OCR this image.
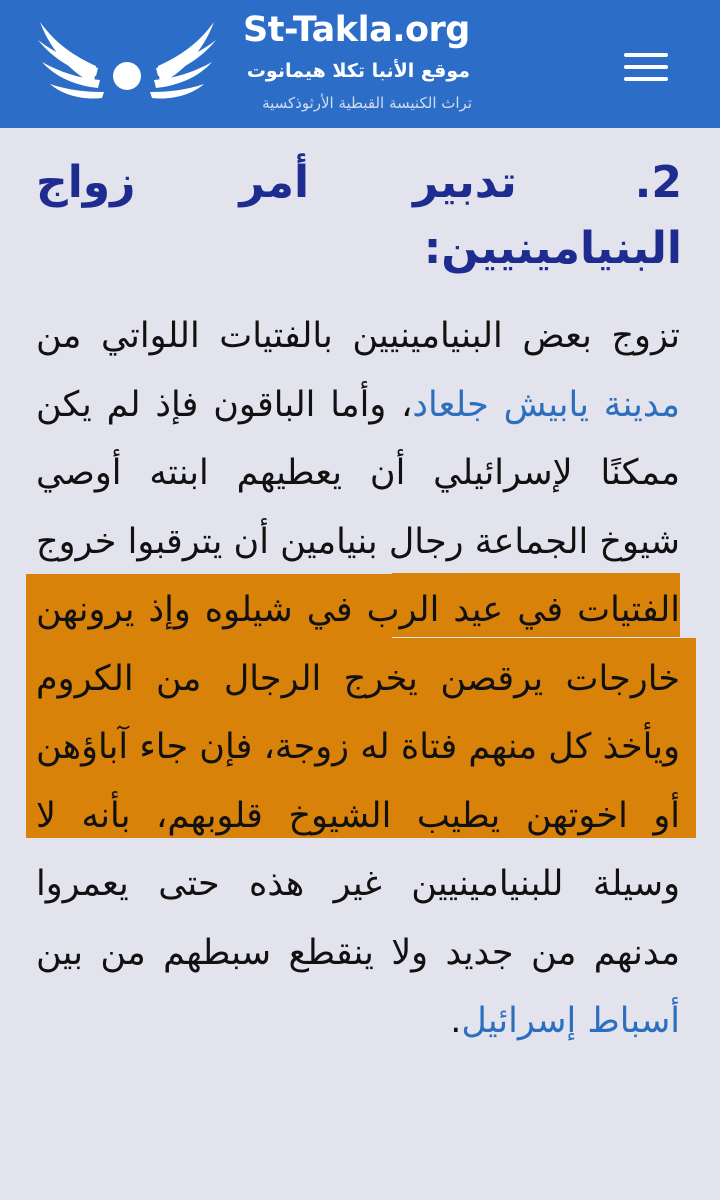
St-Takla.org
موقع الأنبا تكلا هيمانوت
تراث الكنيسة القبطية الأرثوذكسية
2. تدبير أمر زواج البنيامينيين:

تزوج بعض البنيامينيين بالفتيات اللواتي من مدينة يابيش جلعاد، وأما الباقون فإذ لم يكن ممكنًا لإسرائيلي أن يعطيهم ابنته أوصي شيوخ الجماعة رجال بنيامين أن يترقبوا خروج الفتيات في عيد الرب في شيلوه وإذ يرونهن خارجات يرقصن يخرج الرجال من الكروم ويأخذ كل منهم فتاة له زوجة، فإن جاء آباؤهن أو اخوتهن يطيب الشيوخ قلوبهم، بأنه لا وسيلة للبنيامينيين غير هذه حتى يعمروا مدنهم من جديد ولا ينقطع سبطهم من بين أسباط إسرائيل.
